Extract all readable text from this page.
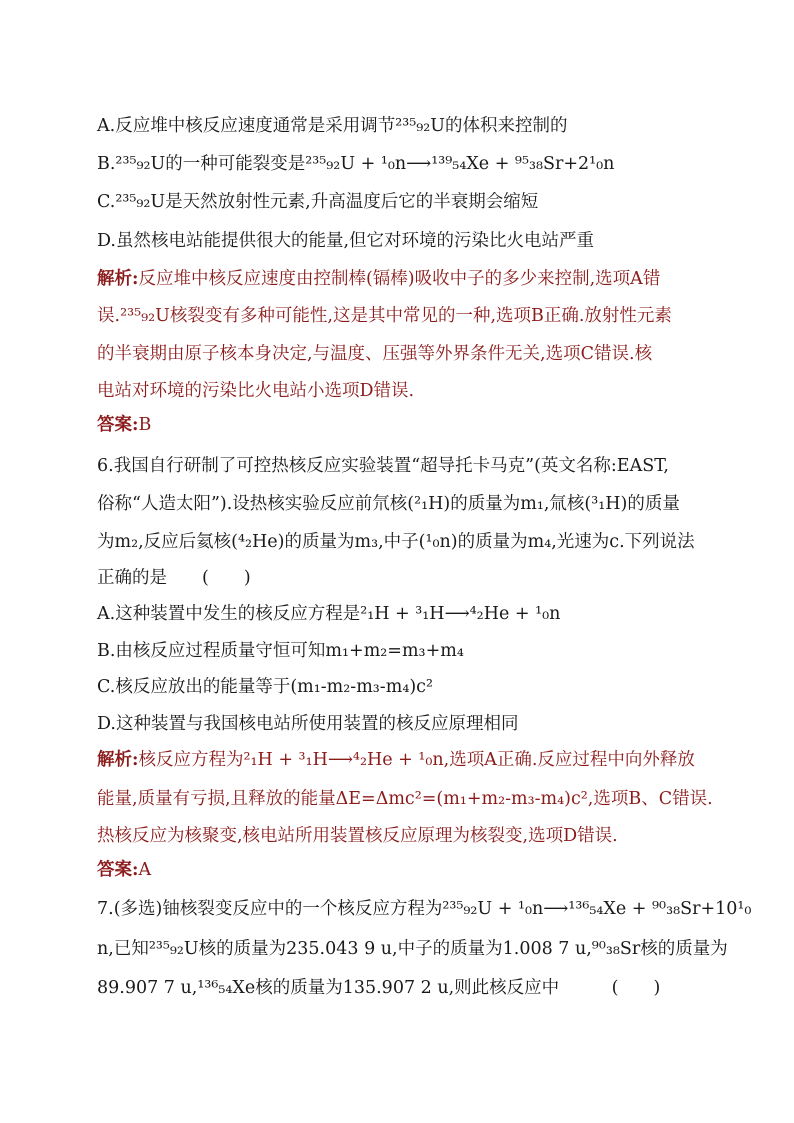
A.反应堆中核反应速度通常是采用调节²³⁵₉₂U的体积来控制的
B.²³⁵₉₂U的一种可能裂变是²³⁵₉₂U + ¹₀n⟶¹³⁹₅₄Xe + ⁹⁵₃₈Sr+2¹₀n
C.²³⁵₉₂U是天然放射性元素,升高温度后它的半衰期会缩短
D.虽然核电站能提供很大的能量,但它对环境的污染比火电站严重
解析:反应堆中核反应速度由控制棒(镉棒)吸收中子的多少来控制,选项A错
误.²³⁵₉₂U核裂变有多种可能性,这是其中常见的一种,选项B正确.放射性元素
的半衰期由原子核本身决定,与温度、压强等外界条件无关,选项C错误.核
电站对环境的污染比火电站小选项D错误.
答案:B
6.我国自行研制了可控热核反应实验装置“超导托卡马克”(英文名称:EAST,
俗称“人造太阳”).设热核实验反应前氘核(²₁H)的质量为m₁,氚核(³₁H)的质量
为m₂,反应后氦核(⁴₂He)的质量为m₃,中子(¹₀n)的质量为m₄,光速为c.下列说法
正确的是　　(　　)
A.这种装置中发生的核反应方程是²₁H + ³₁H⟶⁴₂He + ¹₀n
B.由核反应过程质量守恒可知m₁+m₂=m₃+m₄
C.核反应放出的能量等于(m₁-m₂-m₃-m₄)c²
D.这种装置与我国核电站所使用装置的核反应原理相同
解析:核反应方程为²₁H + ³₁H⟶⁴₂He + ¹₀n,选项A正确.反应过程中向外释放
能量,质量有亏损,且释放的能量ΔE=Δmc²=(m₁+m₂-m₃-m₄)c²,选项B、C错误.
热核反应为核聚变,核电站所用装置核反应原理为核裂变,选项D错误.
答案:A
7.(多选)铀核裂变反应中的一个核反应方程为²³⁵₉₂U + ¹₀n⟶¹³⁶₅₄Xe + ⁹⁰₃₈Sr+10¹₀
n,已知²³⁵₉₂U核的质量为235.043 9 u,中子的质量为1.008 7 u,⁹⁰₃₈Sr核的质量为
89.907 7 u,¹³⁶₅₄Xe核的质量为135.907 2 u,则此核反应中　　　(　　)
